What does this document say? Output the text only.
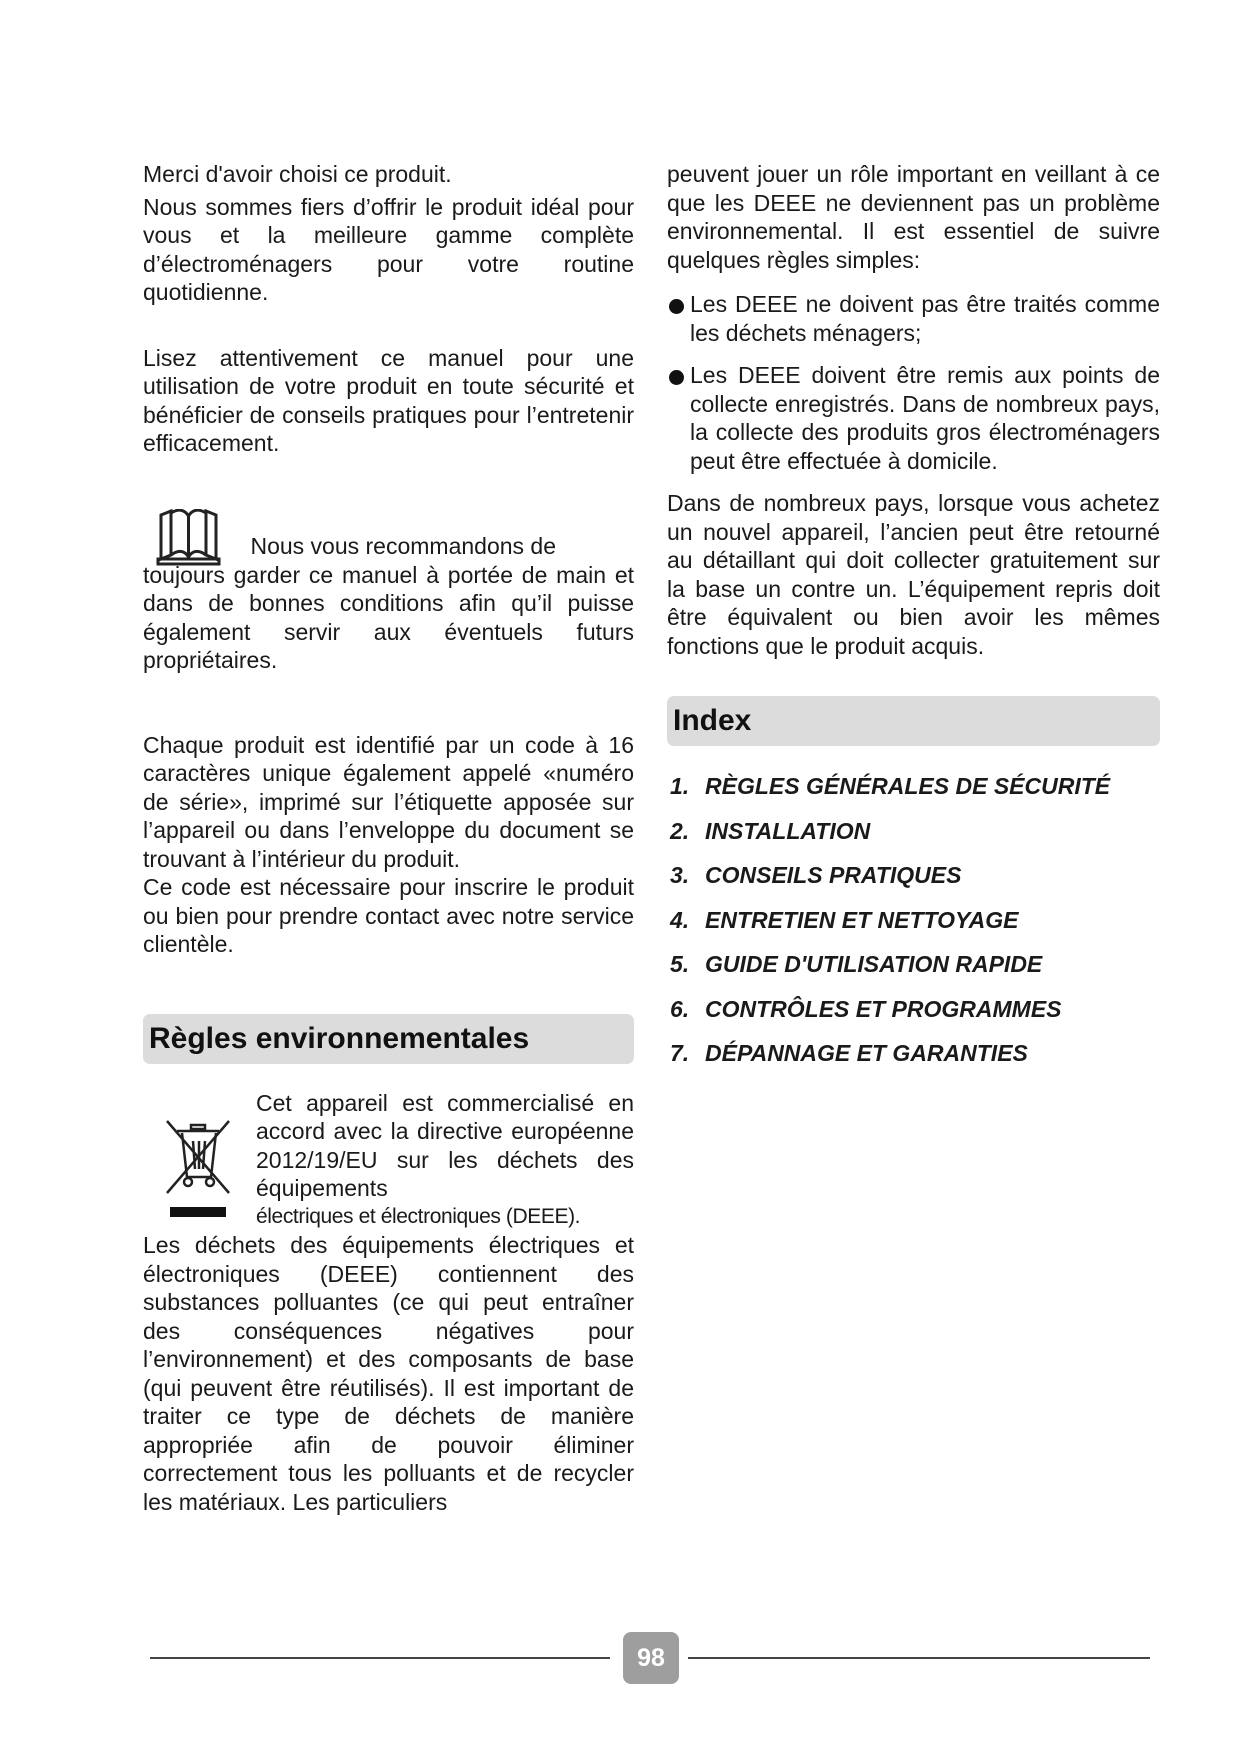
Merci d'avoir choisi ce produit.

Nous sommes fiers d’offrir le produit idéal pour vous et la meilleure gamme complète d’électroménagers pour votre routine quotidienne.

Lisez attentivement ce manuel pour une utilisation de votre produit en toute sécurité et bénéficier de conseils pratiques pour l’entretenir efficacement.

Nous vous recommandons de

toujours garder ce manuel à portée de main et dans de bonnes conditions afin qu’il puisse également servir aux éventuels futurs propriétaires.

Chaque produit est identifié par un code à 16 caractères unique également appelé «numéro de série», imprimé sur l’étiquette apposée sur l’appareil ou dans l’enveloppe du document se trouvant à l’intérieur du produit.

Ce code est nécessaire pour inscrire le produit ou bien pour prendre contact avec notre service clientèle.

Règles environnementales

Cet appareil est commercialisé en accord avec la directive européenne 2012/19/EU sur les déchets des équipements

électriques et électroniques (DEEE).

Les déchets des équipements électriques et électroniques (DEEE) contiennent des substances polluantes (ce qui peut entraîner des conséquences négatives pour l’environnement) et des composants de base (qui peuvent être réutilisés). Il est important de traiter ce type de déchets de manière appropriée afin de pouvoir éliminer correctement tous les polluants et de recycler les matériaux. Les particuliers

peuvent jouer un rôle important en veillant à ce que les DEEE ne deviennent pas un problème environnemental. Il est essentiel de suivre quelques règles simples:

Les DEEE ne doivent pas être traités comme les déchets ménagers;
Les DEEE doivent être remis aux points de collecte enregistrés. Dans de nombreux pays, la collecte des produits gros électroménagers peut être effectuée à domicile.

Dans de nombreux pays, lorsque vous achetez un nouvel appareil, l’ancien peut être retourné au détaillant qui doit collecter gratuitement sur la base un contre un. L’équipement repris doit être équivalent ou bien avoir les mêmes fonctions que le produit acquis.

Index
1. RÈGLES GÉNÉRALES DE SÉCURITÉ
2. INSTALLATION
3. CONSEILS PRATIQUES
4. ENTRETIEN ET NETTOYAGE
5. GUIDE D'UTILISATION RAPIDE
6. CONTRÔLES ET PROGRAMMES
7. DÉPANNAGE ET GARANTIES
98
